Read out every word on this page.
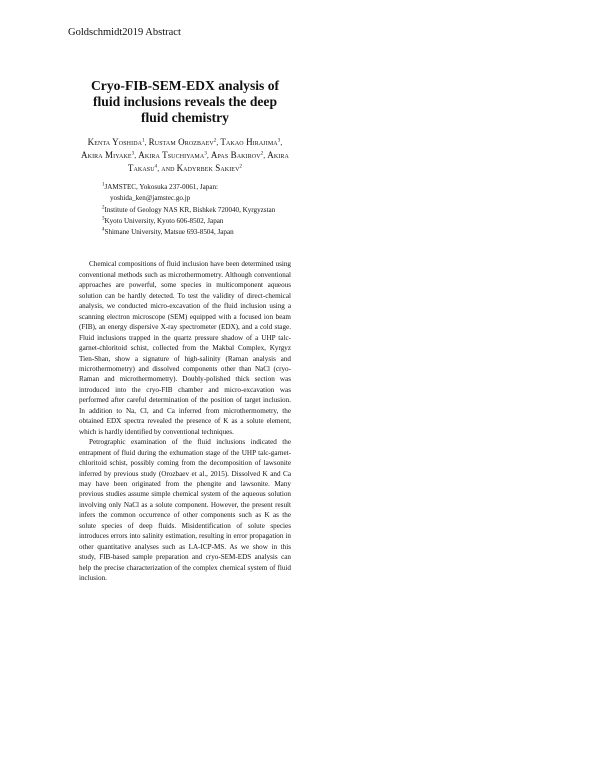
Goldschmidt2019 Abstract
Cryo-FIB-SEM-EDX analysis of fluid inclusions reveals the deep fluid chemistry
Kenta Yoshida$^1$, Rustam Orozbaev$^2$, Takao Hirajima$^3$, Akira Miyake$^3$, Akira Tsuchiyama$^3$, Apas Bakirov$^2$, Akira Takasu$^4$, and Kadyrbek Sakiev$^2$
$^1$JAMSTEC, Yokosuka 237-0061, Japan:
yoshida_ken@jamstec.go.jp
$^2$Institute of Geology NAS KR, Bishkek 720040, Kyrgyzstan
$^3$Kyoto University, Kyoto 606-8502, Japan
$^4$Shimane University, Matsue 693-8504, Japan

Chemical compositions of fluid inclusion have been determined using conventional methods such as microthermometry. Although conventional approaches are powerful, some species in multicomponent aqueous solution can be hardly detected. To test the validity of direct-chemical analysis, we conducted micro-excavation of the fluid inclusion using a scanning electron microscope (SEM) equipped with a focused ion beam (FIB), an energy dispersive X-ray spectrometer (EDX), and a cold stage. Fluid inclusions trapped in the quartz pressure shadow of a UHP talc-garnet-chloritoid schist, collected from the Makbal Complex, Kyrgyz Tien-Shan, show a signature of high-salinity (Raman analysis and microthermometry) and dissolved components other than NaCl (cryo-Raman and microthermometry). Doubly-polished thick section was introduced into the cryo-FIB chamber and micro-excavation was performed after careful determination of the position of target inclusion. In addition to Na, Cl, and Ca inferred from microthermometry, the obtained EDX spectra revealed the presence of K as a solute element, which is hardly identified by conventional techniques.

Petrographic examination of the fluid inclusions indicated the entrapment of fluid during the exhumation stage of the UHP talc-garnet-chloritoid schist, possibly coming from the decomposition of lawsonite inferred by previous study (Orozbaev et al., 2015). Dissolved K and Ca may have been originated from the phengite and lawsonite. Many previous studies assume simple chemical system of the aqueous solution involving only NaCl as a solute component. However, the present result infers the common occurrence of other components such as K as the solute species of deep fluids. Misidentification of solute species introduces errors into salinity estimation, resulting in error propagation in other quantitative analyses such as LA-ICP-MS. As we show in this study, FIB-based sample preparation and cryo-SEM-EDS analysis can help the precise characterization of the complex chemical system of fluid inclusion.
